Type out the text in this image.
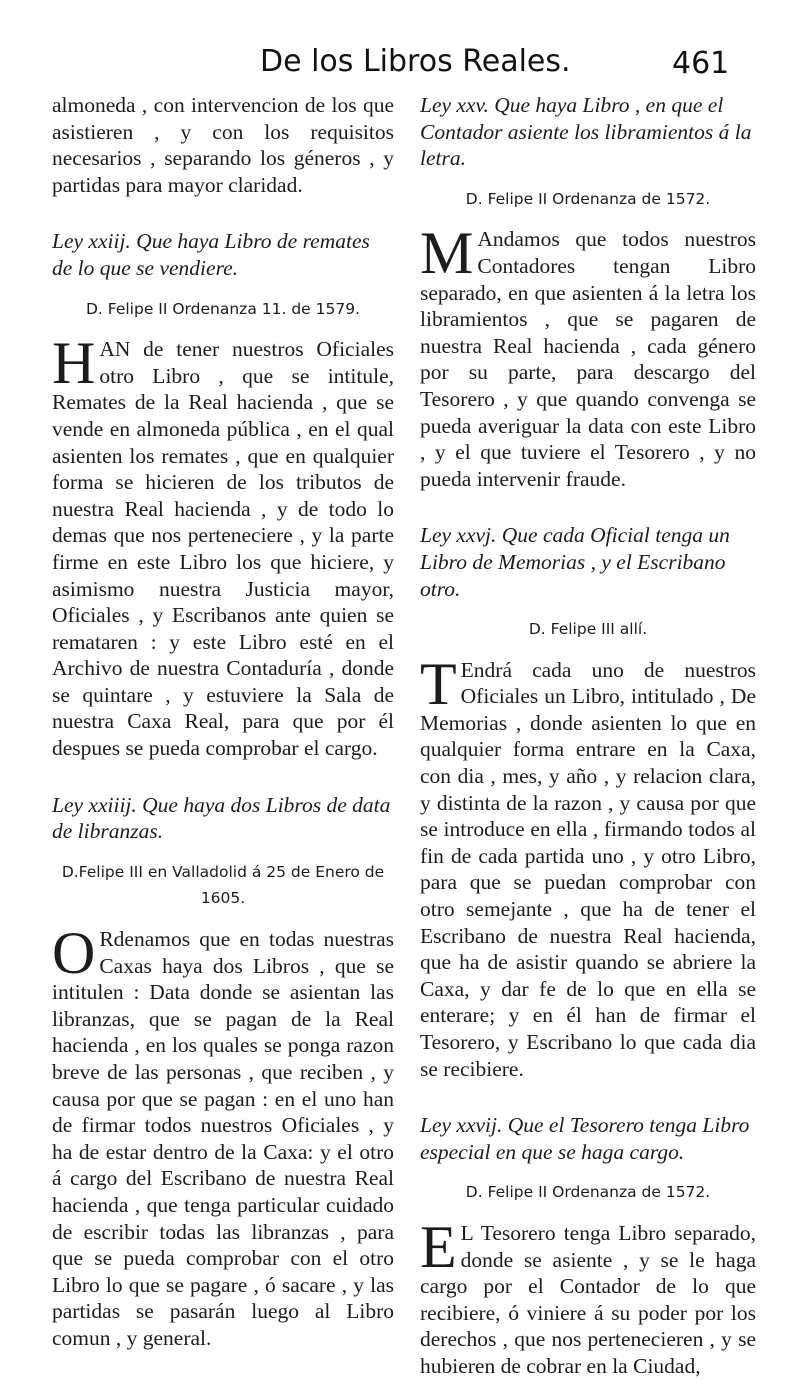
De los Libros Reales.	461

almoneda , con intervencion de los que asistieren , y con los requisitos necesarios , separando los géneros , y partidas para mayor claridad.

Ley xxiij. Que haya Libro de remates de lo que se vendiere.

D. Felipe II Ordenanza 11. de 1579.

HAN de tener nuestros Oficiales otro Libro , que se intitule, Remates de la Real hacienda , que se vende en almoneda pública , en el qual asienten los remates , que en qualquier forma se hicieren de los tributos de nuestra Real hacienda , y de todo lo demas que nos perteneciere , y la parte firme en este Libro los que hiciere, y asimismo nuestra Justicia mayor, Oficiales , y Escribanos ante quien se remataren : y este Libro esté en el Archivo de nuestra Contaduría , donde se quintare , y estuviere la Sala de nuestra Caxa Real, para que por él despues se pueda comprobar el cargo.

Ley xxiiij. Que haya dos Libros de data de libranzas.

D.Felipe III en Valladolid á 25 de Enero de 1605.

O Rdenamos que en todas nuestras Caxas haya dos Libros , que se intitulen : Data donde se asientan las libranzas, que se pagan de la Real hacienda , en los quales se ponga razon breve de las personas , que reciben , y causa por que se pagan : en el uno han de firmar todos nuestros Oficiales , y ha de estar dentro de la Caxa: y el otro á cargo del Escribano de nuestra Real hacienda , que tenga particular cuidado de escribir todas las libranzas , para que se pueda comprobar con el otro Libro lo que se pagare , ó sacare , y las partidas se pasarán luego al Libro comun , y general.

Ley xxv. Que haya Libro , en que el Contador asiente los libramientos á la letra.

D. Felipe II Ordenanza de 1572.

M Andamos que todos nuestros Contadores tengan Libro separado, en que asienten á la letra los libramientos , que se pagaren de nuestra Real hacienda , cada género por su parte, para descargo del Tesorero , y que quando convenga se pueda averiguar la data con este Libro , y el que tuviere el Tesorero , y no pueda intervenir fraude.

Ley xxvj. Que cada Oficial tenga un Libro de Memorias , y el Escribano otro.

D. Felipe III allí.

T Endrá cada uno de nuestros Oficiales un Libro, intitulado , De Memorias , donde asienten lo que en qualquier forma entrare en la Caxa, con dia , mes, y año , y relacion clara, y distinta de la razon , y causa por que se introduce en ella , firmando todos al fin de cada partida uno , y otro Libro, para que se puedan comprobar con otro semejante , que ha de tener el Escribano de nuestra Real hacienda, que ha de asistir quando se abriere la Caxa, y dar fe de lo que en ella se enterare; y en él han de firmar el Tesorero, y Escribano lo que cada dia se recibiere.

Ley xxvij. Que el Tesorero tenga Libro especial en que se haga cargo.

D. Felipe II Ordenanza de 1572.

E L Tesorero tenga Libro separado, donde se asiente , y se le haga cargo por el Contador de lo que recibiere, ó viniere á su poder por los derechos , que nos pertenecieren , y se hubieren de cobrar en la Ciudad,
